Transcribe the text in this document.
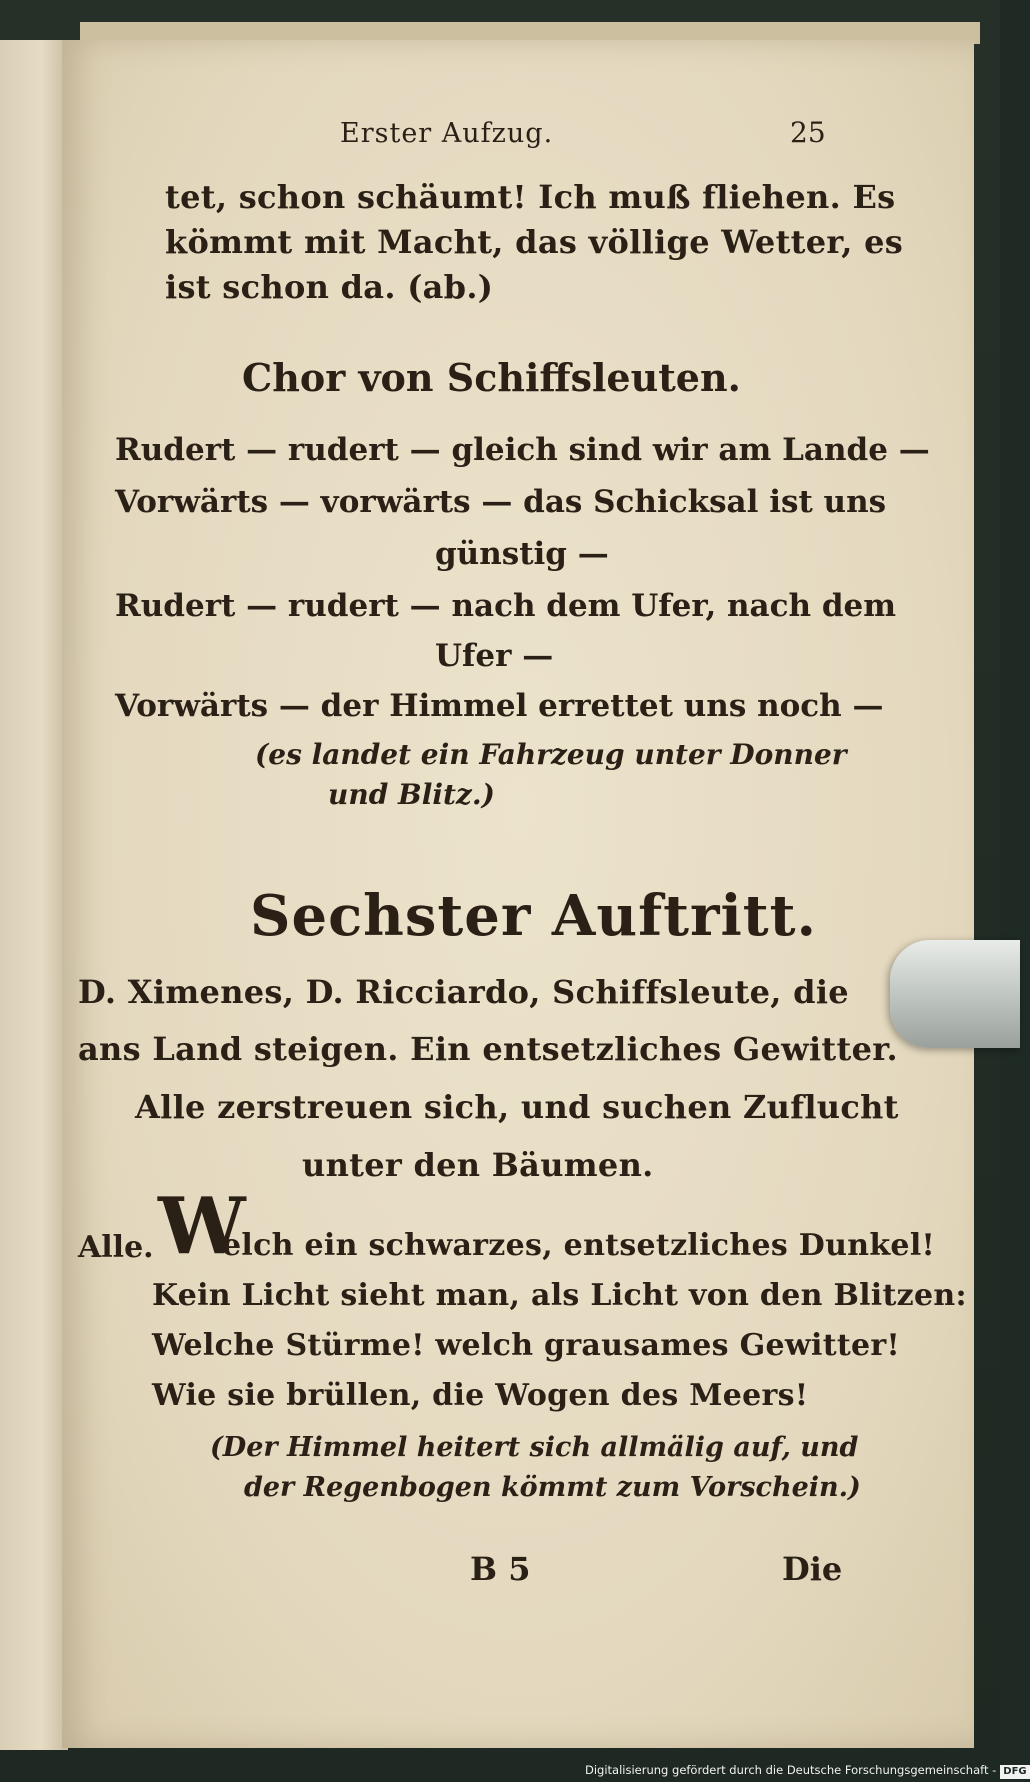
Erster Aufzug.	25
tet, schon schäumt! Ich muß fliehen. Es
kömmt mit Macht, das völlige Wetter, es
ist schon da. (ab.)
Chor von Schiffsleuten.
Rudert — rudert — gleich sind wir am Lande —
Vorwärts — vorwärts — das Schicksal ist uns
günstig —
Rudert — rudert — nach dem Ufer, nach dem
Ufer —
Vorwärts — der Himmel errettet uns noch —
(es landet ein Fahrzeug unter Donner
und Blitz.)
Sechster Auftritt.
D. Ximenes, D. Ricciardo, Schiffsleute, die
ans Land steigen. Ein entsetzliches Gewitter.
Alle zerstreuen sich, und suchen Zuflucht
unter den Bäumen.
Alle. W
elch ein schwarzes, entsetzliches Dunkel!
Kein Licht sieht man, als Licht von den Blitzen:
Welche Stürme! welch grausames Gewitter!
Wie sie brüllen, die Wogen des Meers!
(Der Himmel heitert sich allmälig auf, und
der Regenbogen kömmt zum Vorschein.)
B 5	Die
Digitalisierung gefördert durch die Deutsche Forschungsgemeinschaft - DFG
